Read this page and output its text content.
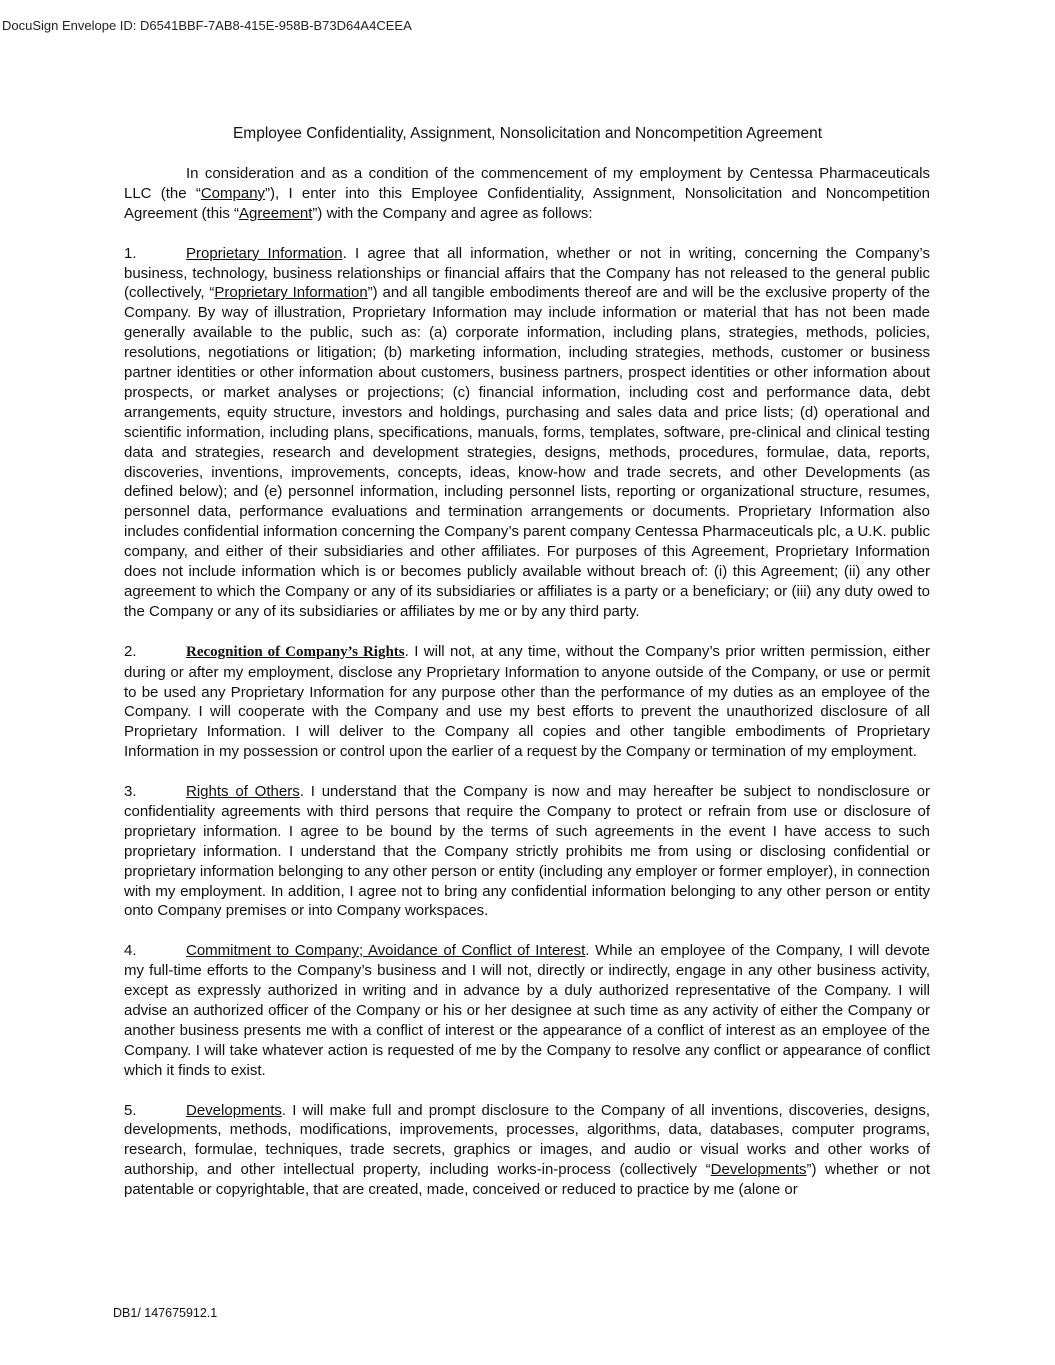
DocuSign Envelope ID: D6541BBF-7AB8-415E-958B-B73D64A4CEEA
Employee Confidentiality, Assignment, Nonsolicitation and Noncompetition Agreement

In consideration and as a condition of the commencement of my employment by Centessa Pharmaceuticals LLC (the “Company”), I enter into this Employee Confidentiality, Assignment, Nonsolicitation and Noncompetition Agreement (this “Agreement”) with the Company and agree as follows:

1.	Proprietary Information. I agree that all information, whether or not in writing, concerning the Company’s business, technology, business relationships or financial affairs that the Company has not released to the general public (collectively, “Proprietary Information”) and all tangible embodiments thereof are and will be the exclusive property of the Company. By way of illustration, Proprietary Information may include information or material that has not been made generally available to the public, such as: (a) corporate information, including plans, strategies, methods, policies, resolutions, negotiations or litigation; (b) marketing information, including strategies, methods, customer or business partner identities or other information about customers, business partners, prospect identities or other information about prospects, or market analyses or projections; (c) financial information, including cost and performance data, debt arrangements, equity structure, investors and holdings, purchasing and sales data and price lists; (d) operational and scientific information, including plans, specifications, manuals, forms, templates, software, pre-clinical and clinical testing data and strategies, research and development strategies, designs, methods, procedures, formulae, data, reports, discoveries, inventions, improvements, concepts, ideas, know-how and trade secrets, and other Developments (as defined below); and (e) personnel information, including personnel lists, reporting or organizational structure, resumes, personnel data, performance evaluations and termination arrangements or documents. Proprietary Information also includes confidential information concerning the Company’s parent company Centessa Pharmaceuticals plc, a U.K. public company, and either of their subsidiaries and other affiliates. For purposes of this Agreement, Proprietary Information does not include information which is or becomes publicly available without breach of: (i) this Agreement; (ii) any other agreement to which the Company or any of its subsidiaries or affiliates is a party or a beneficiary; or (iii) any duty owed to the Company or any of its subsidiaries or affiliates by me or by any third party.

2.	Recognition of Company’s Rights. I will not, at any time, without the Company’s prior written permission, either during or after my employment, disclose any Proprietary Information to anyone outside of the Company, or use or permit to be used any Proprietary Information for any purpose other than the performance of my duties as an employee of the Company. I will cooperate with the Company and use my best efforts to prevent the unauthorized disclosure of all Proprietary Information. I will deliver to the Company all copies and other tangible embodiments of Proprietary Information in my possession or control upon the earlier of a request by the Company or termination of my employment.

3.	Rights of Others. I understand that the Company is now and may hereafter be subject to nondisclosure or confidentiality agreements with third persons that require the Company to protect or refrain from use or disclosure of proprietary information. I agree to be bound by the terms of such agreements in the event I have access to such proprietary information. I understand that the Company strictly prohibits me from using or disclosing confidential or proprietary information belonging to any other person or entity (including any employer or former employer), in connection with my employment. In addition, I agree not to bring any confidential information belonging to any other person or entity onto Company premises or into Company workspaces.

4.	Commitment to Company; Avoidance of Conflict of Interest. While an employee of the Company, I will devote my full-time efforts to the Company’s business and I will not, directly or indirectly, engage in any other business activity, except as expressly authorized in writing and in advance by a duly authorized representative of the Company. I will advise an authorized officer of the Company or his or her designee at such time as any activity of either the Company or another business presents me with a conflict of interest or the appearance of a conflict of interest as an employee of the Company. I will take whatever action is requested of me by the Company to resolve any conflict or appearance of conflict which it finds to exist.

5.	Developments. I will make full and prompt disclosure to the Company of all inventions, discoveries, designs, developments, methods, modifications, improvements, processes, algorithms, data, databases, computer programs, research, formulae, techniques, trade secrets, graphics or images, and audio or visual works and other works of authorship, and other intellectual property, including works-in-process (collectively “Developments”) whether or not patentable or copyrightable, that are created, made, conceived or reduced to practice by me (alone or

DB1/ 147675912.1
